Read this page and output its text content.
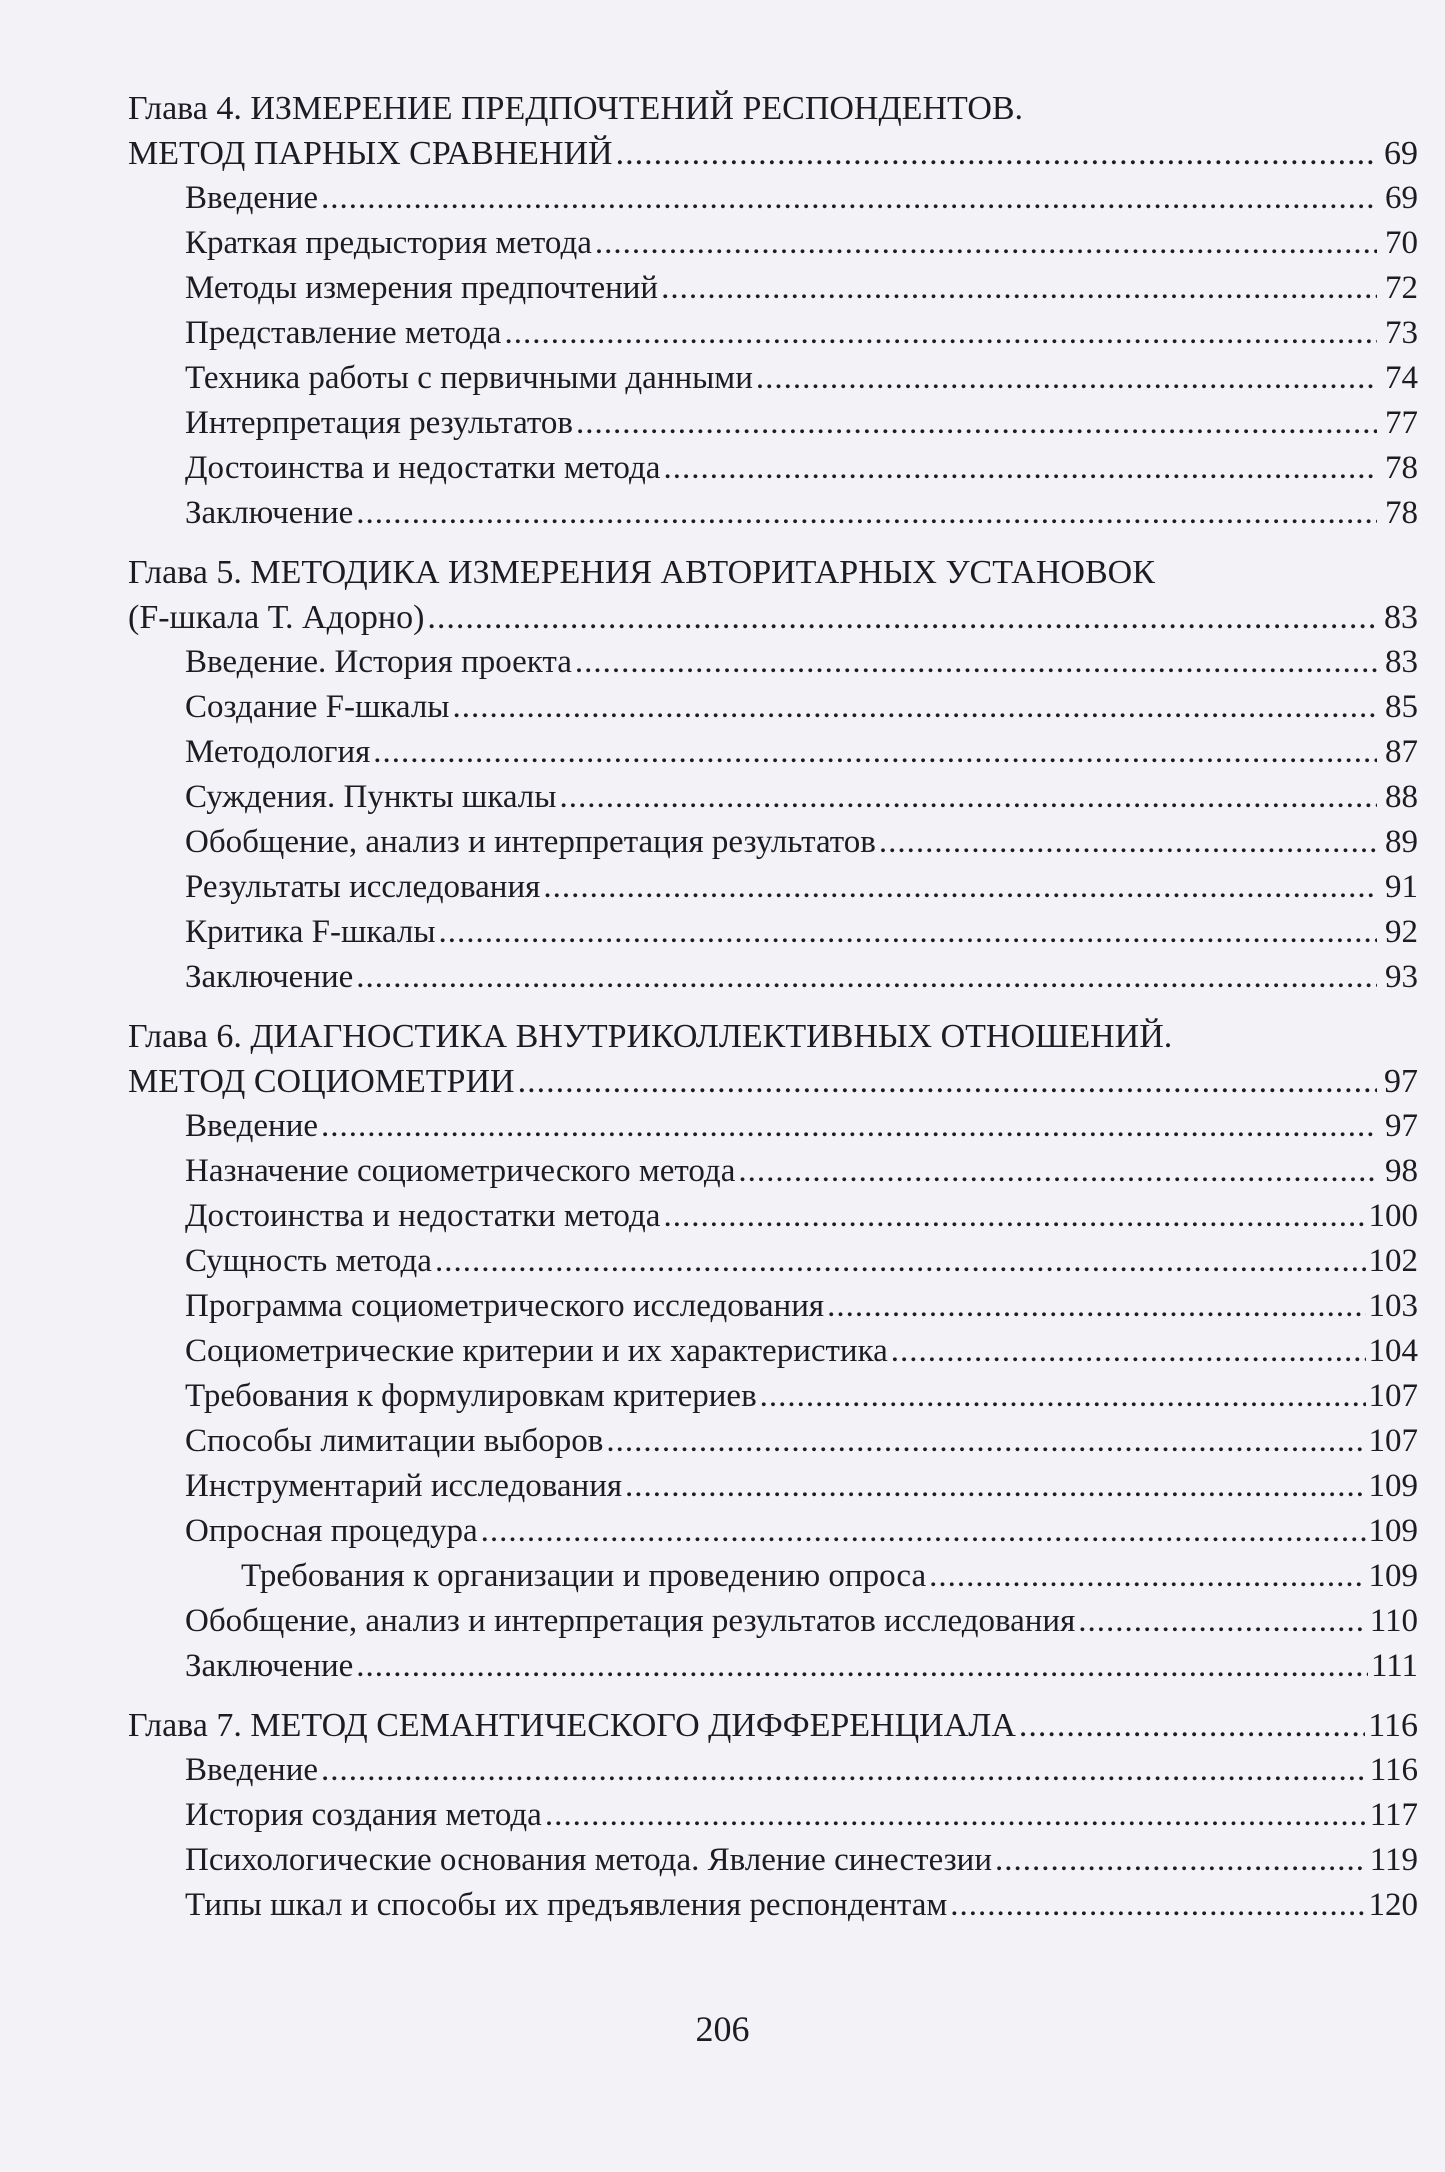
Глава 4. ИЗМЕРЕНИЕ ПРЕДПОЧТЕНИЙ РЕСПОНДЕНТОВ.
МЕТОД ПАРНЫХ СРАВНЕНИЙ .....	69
Введение .....	69
Краткая предыстория метода .....	70
Методы измерения предпочтений .....	72
Представление метода .....	73
Техника работы с первичными данными .....	74
Интерпретация результатов .....	77
Достоинства и недостатки метода .....	78
Заключение .....	78
Глава 5. МЕТОДИКА ИЗМЕРЕНИЯ АВТОРИТАРНЫХ УСТАНОВОК
(F-шкала Т. Адорно) .....	83
Введение. История проекта .....	83
Создание F-шкалы .....	85
Методология .....	87
Суждения. Пункты шкалы .....	88
Обобщение, анализ и интерпретация результатов .....	89
Результаты исследования .....	91
Критика F-шкалы .....	92
Заключение .....	93
Глава 6. ДИАГНОСТИКА ВНУТРИКОЛЛЕКТИВНЫХ ОТНОШЕНИЙ.
МЕТОД СОЦИОМЕТРИИ .....	97
Введение .....	97
Назначение социометрического метода .....	98
Достоинства и недостатки метода .....	100
Сущность метода .....	102
Программа социометрического исследования .....	103
Социометрические критерии и их характеристика .....	104
Требования к формулировкам критериев .....	107
Способы лимитации выборов .....	107
Инструментарий исследования .....	109
Опросная процедура .....	109
Требования к организации и проведению опроса .....	109
Обобщение, анализ и интерпретация результатов исследования .....	110
Заключение .....	111
Глава 7. МЕТОД СЕМАНТИЧЕСКОГО ДИФФЕРЕНЦИАЛА .....	116
Введение .....	116
История создания метода .....	117
Психологические основания метода. Явление синестезии .....	119
Типы шкал и способы их предъявления респондентам .....	120
206
